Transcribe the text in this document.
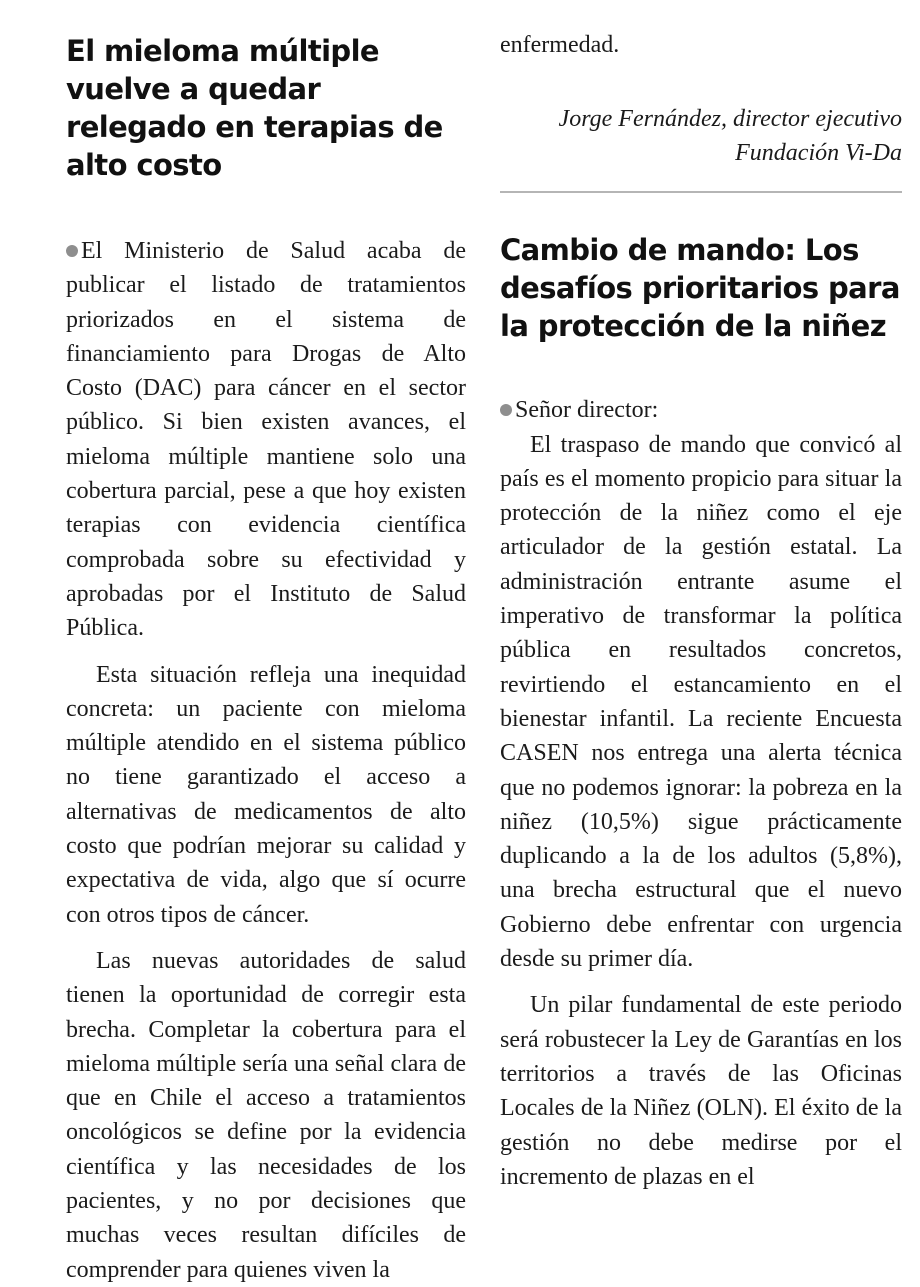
El mieloma múltiple vuelve a quedar relegado en terapias de alto costo

El Ministerio de Salud acaba de publicar el listado de tratamientos priorizados en el sistema de financiamiento para Drogas de Alto Costo (DAC) para cáncer en el sector público. Si bien existen avances, el mieloma múltiple mantiene solo una cobertura parcial, pese a que hoy existen terapias con evidencia científica comprobada sobre su efectividad y aprobadas por el Instituto de Salud Pública.

Esta situación refleja una inequidad concreta: un paciente con mieloma múltiple atendido en el sistema público no tiene garantizado el acceso a alternativas de medicamentos de alto costo que podrían mejorar su calidad y expectativa de vida, algo que sí ocurre con otros tipos de cáncer.

Las nuevas autoridades de salud tienen la oportunidad de corregir esta brecha. Completar la cobertura para el mieloma múltiple sería una señal clara de que en Chile el acceso a tratamientos oncológicos se define por la evidencia científica y las necesidades de los pacientes, y no por decisiones que muchas veces resultan difíciles de comprender para quienes viven la

enfermedad.

Jorge Fernández, director ejecutivo

Fundación Vi-Da

Cambio de mando: Los desafíos prioritarios para la protección de la niñez

Señor director:

El traspaso de mando que convicó al país es el momento propicio para situar la protección de la niñez como el eje articulador de la gestión estatal. La administración entrante asume el imperativo de transformar la política pública en resultados concretos, revirtiendo el estancamiento en el bienestar infantil. La reciente Encuesta CASEN nos entrega una alerta técnica que no podemos ignorar: la pobreza en la niñez (10,5%) sigue prácticamente duplicando a la de los adultos (5,8%), una brecha estructural que el nuevo Gobierno debe enfrentar con urgencia desde su primer día.

Un pilar fundamental de este periodo será robustecer la Ley de Garantías en los territorios a través de las Oficinas Locales de la Niñez (OLN). El éxito de la gestión no debe medirse por el incremento de plazas en el
